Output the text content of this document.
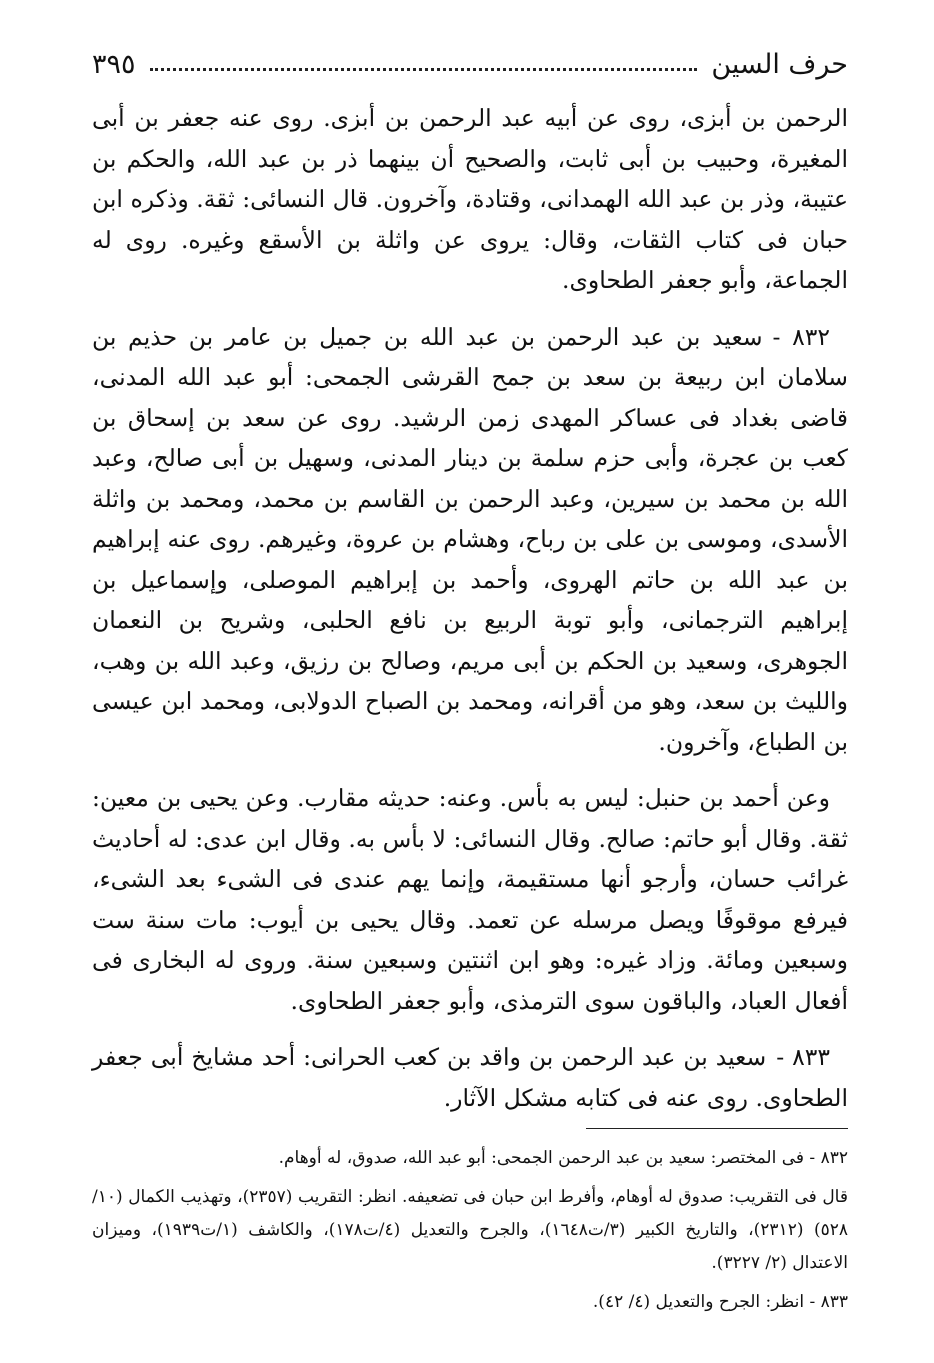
حرف السين
٣٩٥

الرحمن بن أبزى، روى عن أبيه عبد الرحمن بن أبزى. روى عنه جعفر بن أبى المغيرة، وحبيب بن أبى ثابت، والصحيح أن بينهما ذر بن عبد الله، والحكم بن عتيبة، وذر بن عبد الله الهمدانى، وقتادة، وآخرون. قال النسائى: ثقة. وذكره ابن حبان فى كتاب الثقات، وقال: يروى عن واثلة بن الأسقع وغيره. روى له الجماعة، وأبو جعفر الطحاوى.

٨٣٢ -سعيد بن عبد الرحمن بن عبد الله بن جميل بن عامر بن حذيم بن سلامان ابن ربيعة بن سعد بن جمح القرشى الجمحى: أبو عبد الله المدنى، قاضى بغداد فى عساكر المهدى زمن الرشيد. روى عن سعد بن إسحاق بن كعب بن عجرة، وأبى حزم سلمة بن دينار المدنى، وسهيل بن أبى صالح، وعبد الله بن محمد بن سيرين، وعبد الرحمن بن القاسم بن محمد، ومحمد بن واثلة الأسدى، وموسى بن على بن رباح، وهشام بن عروة، وغيرهم. روى عنه إبراهيم بن عبد الله بن حاتم الهروى، وأحمد بن إبراهيم الموصلى، وإسماعيل بن إبراهيم الترجمانى، وأبو توبة الربيع بن نافع الحلبى، وشريح بن النعمان الجوهرى، وسعيد بن الحكم بن أبى مريم، وصالح بن رزيق، وعبد الله بن وهب، والليث بن سعد، وهو من أقرانه، ومحمد بن الصباح الدولابى، ومحمد ابن عيسى بن الطباع، وآخرون.

وعن أحمد بن حنبل: ليس به بأس. وعنه: حديثه مقارب. وعن يحيى بن معين: ثقة. وقال أبو حاتم: صالح. وقال النسائى: لا بأس به. وقال ابن عدى: له أحاديث غرائب حسان، وأرجو أنها مستقيمة، وإنما يهم عندى فى الشىء بعد الشىء، فيرفع موقوفًا ويصل مرسله عن تعمد. وقال يحيى بن أيوب: مات سنة ست وسبعين ومائة. وزاد غيره: وهو ابن اثنتين وسبعين سنة. وروى له البخارى فى أفعال العباد، والباقون سوى الترمذى، وأبو جعفر الطحاوى.

٨٣٣ -سعيد بن عبد الرحمن بن واقد بن كعب الحرانى: أحد مشايخ أبى جعفر الطحاوى. روى عنه فى كتابه مشكل الآثار.

٨٣٢ - فى المختصر: سعيد بن عبد الرحمن الجمحى: أبو عبد الله، صدوق، له أوهام.

قال فى التقريب: صدوق له أوهام، وأفرط ابن حبان فى تضعيفه. انظر: التقريب (٢٣٥٧)، وتهذيب الكمال (١٠/ ٥٢٨) (٢٣١٢)، والتاريخ الكبير (٣/ت١٦٤٨)، والجرح والتعديل (٤/ت١٧٨)، والكاشف (١/ت١٩٣٩)، وميزان الاعتدال (٢/ ٣٢٢٧).

٨٣٣ - انظر: الجرح والتعديل (٤/ ٤٢).
